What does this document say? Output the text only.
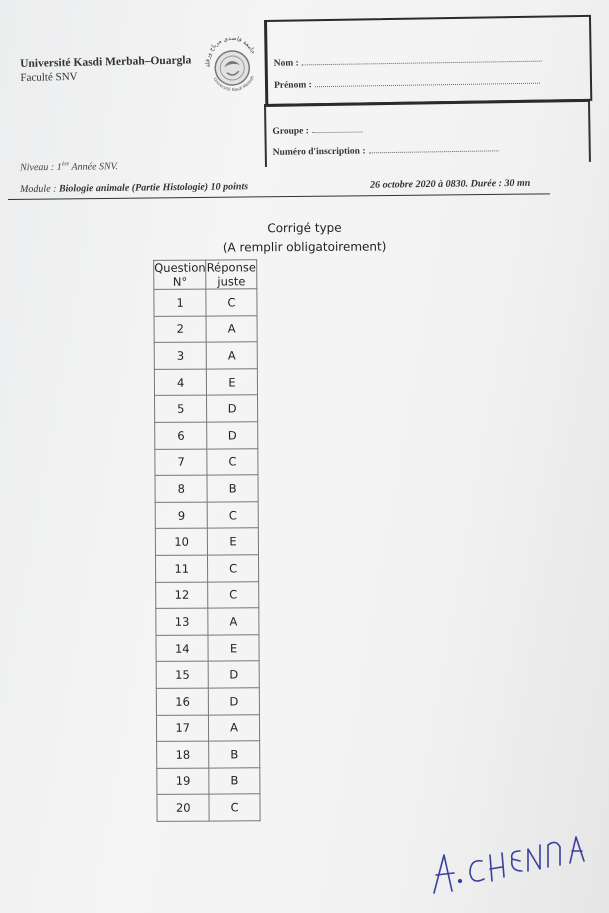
Université Kasdi Merbah–Ouargla
Faculté SNV
جامعة قاصدي مرباح ورقلة
Université Kasdi Merbah
Nom :
Prénom :
Groupe :
Numéro d'inscription :
Niveau : 1ère Année SNV.
Module : Biologie animale (Partie Histologie) 10 points	26 octobre 2020 à 0830. Durée : 30 mn
Corrigé type
(A remplir obligatoirement)
Question N°	Réponse juste
1	C
2	A
3	A
4	E
5	D
6	D
7	C
8	B
9	C
10	E
11	C
12	C
13	A
14	E
15	D
16	D
17	A
18	B
19	B
20	C
